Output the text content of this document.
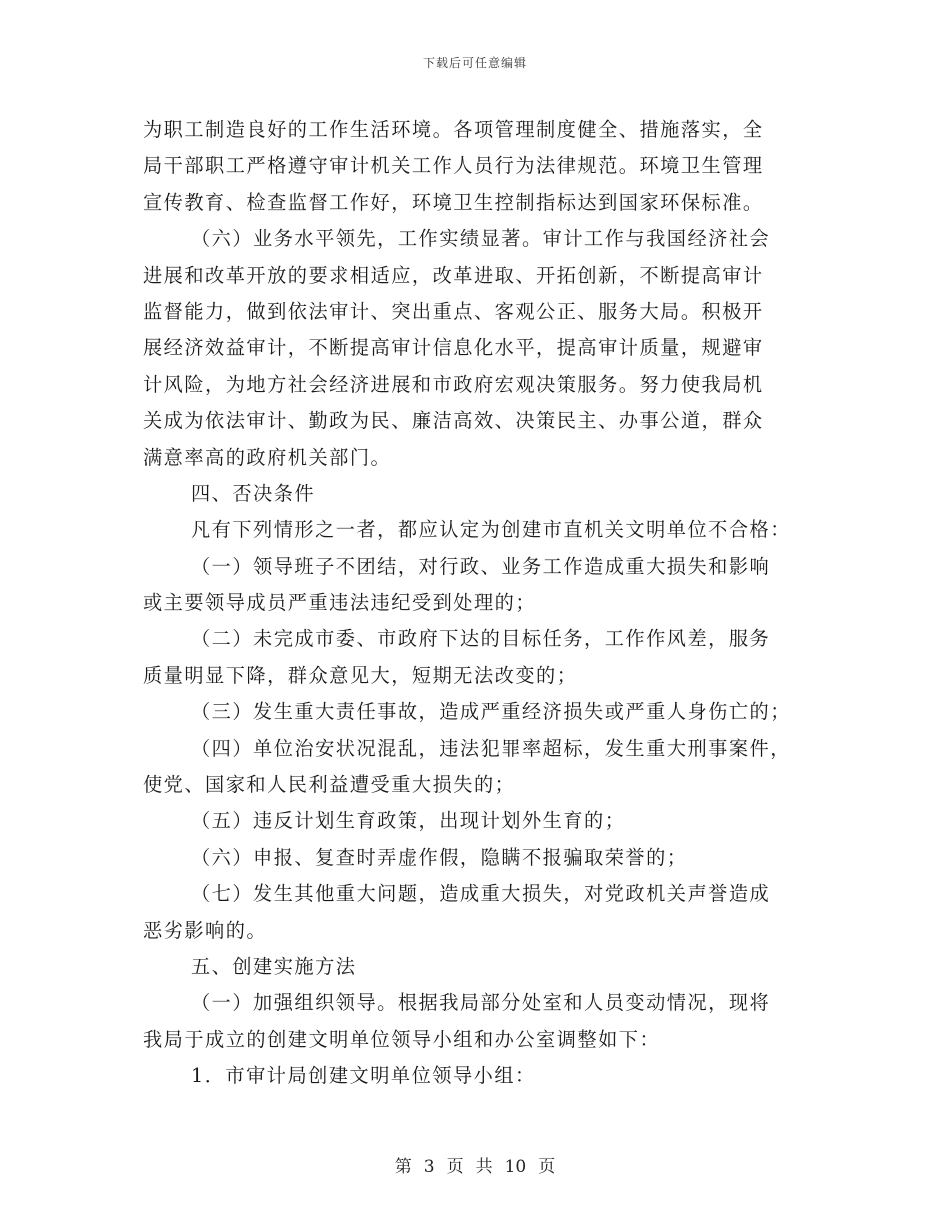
下载后可任意编辑
为职工制造良好的工作生活环境。各项管理制度健全、措施落实，全
局干部职工严格遵守审计机关工作人员行为法律规范。环境卫生管理
宣传教育、检查监督工作好，环境卫生控制指标达到国家环保标准。
（六）业务水平领先，工作实绩显著。审计工作与我国经济社会
进展和改革开放的要求相适应，改革进取、开拓创新，不断提高审计
监督能力，做到依法审计、突出重点、客观公正、服务大局。积极开
展经济效益审计，不断提高审计信息化水平，提高审计质量，规避审
计风险，为地方社会经济进展和市政府宏观决策服务。努力使我局机
关成为依法审计、勤政为民、廉洁高效、决策民主、办事公道，群众
满意率高的政府机关部门。
四、否决条件
凡有下列情形之一者，都应认定为创建市直机关文明单位不合格：
（一）领导班子不团结，对行政、业务工作造成重大损失和影响
或主要领导成员严重违法违纪受到处理的；
（二）未完成市委、市政府下达的目标任务，工作作风差，服务
质量明显下降，群众意见大，短期无法改变的；
（三）发生重大责任事故，造成严重经济损失或严重人身伤亡的；
（四）单位治安状况混乱，违法犯罪率超标，发生重大刑事案件，
使党、国家和人民利益遭受重大损失的；
（五）违反计划生育政策，出现计划外生育的；
（六）申报、复查时弄虚作假，隐瞒不报骗取荣誉的；
（七）发生其他重大问题，造成重大损失，对党政机关声誉造成
恶劣影响的。
五、创建实施方法
（一）加强组织领导。根据我局部分处室和人员变动情况，现将
我局于成立的创建文明单位领导小组和办公室调整如下：
1．市审计局创建文明单位领导小组：
第 3 页 共 10 页
